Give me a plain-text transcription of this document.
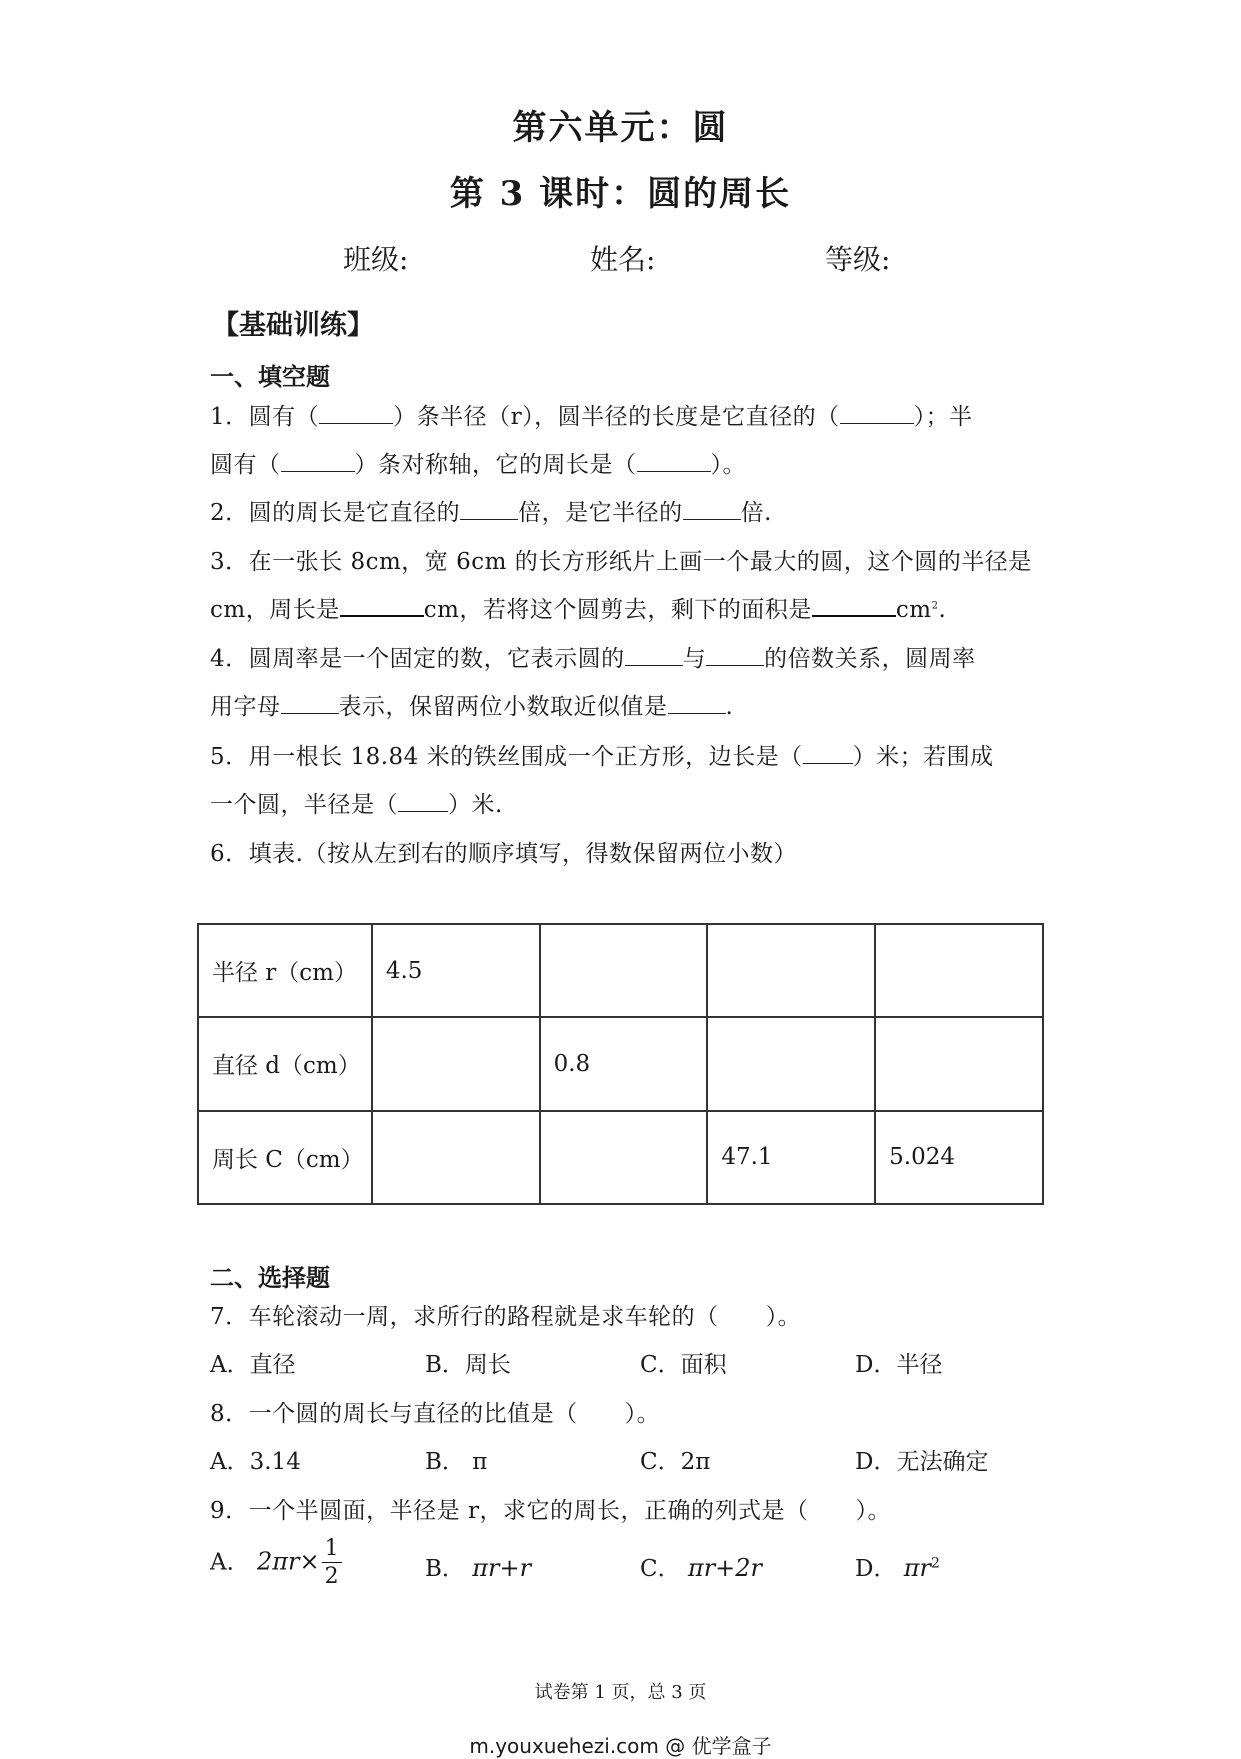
第六单元：圆
第 3 课时：圆的周长
班级:	姓名:	等级:
【基础训练】
一、填空题
1．圆有（	）条半径（r），圆半径的长度是它直径的（	）；半
圆有（	）条对称轴，它的周长是（	）。
2．圆的周长是它直径的	倍，是它半径的	倍.
3．在一张长 8cm，宽 6cm 的长方形纸片上画一个最大的圆，这个圆的半径是
cm，周长是	cm，若将这个圆剪去，剩下的面积是	$cm^2$.
4．圆周率是一个固定的数，它表示圆的	与	的倍数关系，圆周率
用字母	表示，保留两位小数取近似值是	.
5．用一根长 18.84 米的铁丝围成一个正方形，边长是（ ）米；若围成
一个圆，半径是（ ）米.
6．填表.（按从左到右的顺序填写，得数保留两位小数）
半径 r（cm）	4.5			
直径 d（cm）		0.8		
周长 C（cm）			47.1	5.024
二、选择题
7．车轮滚动一周，求所行的路程就是求车轮的（　　）。
A．直径	B．周长	C．面积	D．半径
8．一个圆的周长与直径的比值是（　　）。
A．3.14	B． π	C．2π	D．无法确定
9．一个半圆面，半径是 r，求它的周长，正确的列式是（　　）。
A． $2\pi r\times \frac{1}{2}$	B． πr+r	C． πr+2r	D． $\pi r^2$
试卷第 1 页，总 3 页
m.youxuehezi.com @ 优学盒子
